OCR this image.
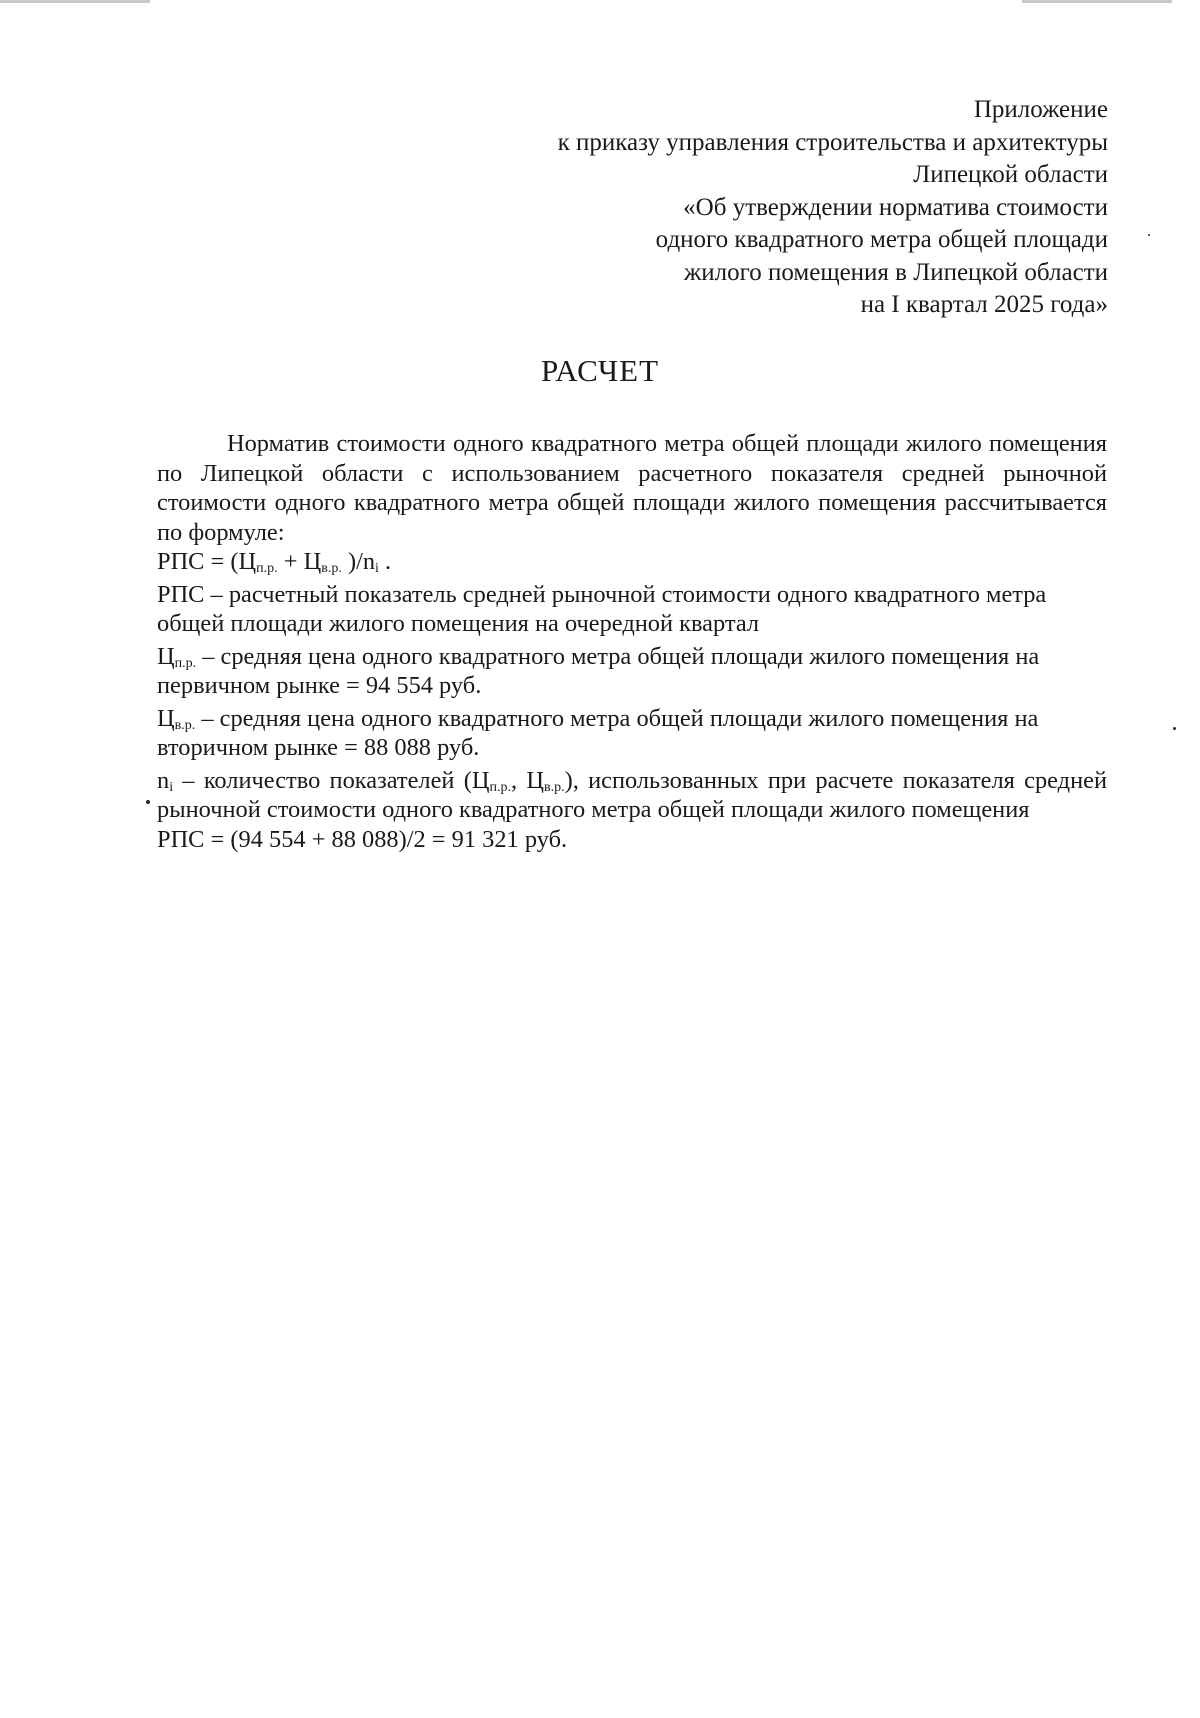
Приложение
к приказу управления строительства и архитектуры
Липецкой области
«Об утверждении норматива стоимости
одного квадратного метра общей площади
жилого помещения в Липецкой области
на I квартал 2025 года»
РАСЧЕТ

Норматив стоимости одного квадратного метра общей площади жилого помещения по Липецкой области с использованием расчетного показателя средней рыночной стоимости одного квадратного метра общей площади жилого помещения рассчитывается по формуле:

РПС = ($Ц_{п.р.} + Ц_{в.р.}$ )$/n_i$ .

РПС – расчетный показатель средней рыночной стоимости одного квадратного метра общей площади жилого помещения на очередной квартал

$Ц_{п.р.}$ – средняя цена одного квадратного метра общей площади жилого помещения на первичном рынке = 94 554 руб.

$Ц_{в.р.}$ – средняя цена одного квадратного метра общей площади жилого помещения на вторичном рынке = 88 088 руб.

$n_i$ – количество показателей ($Ц_{п.р.}$, $Ц_{в.р.}$), использованных при расчете показателя средней рыночной стоимости одного квадратного метра общей площади жилого помещения

РПС = (94 554 + 88 088)/2 = 91 321 руб.
